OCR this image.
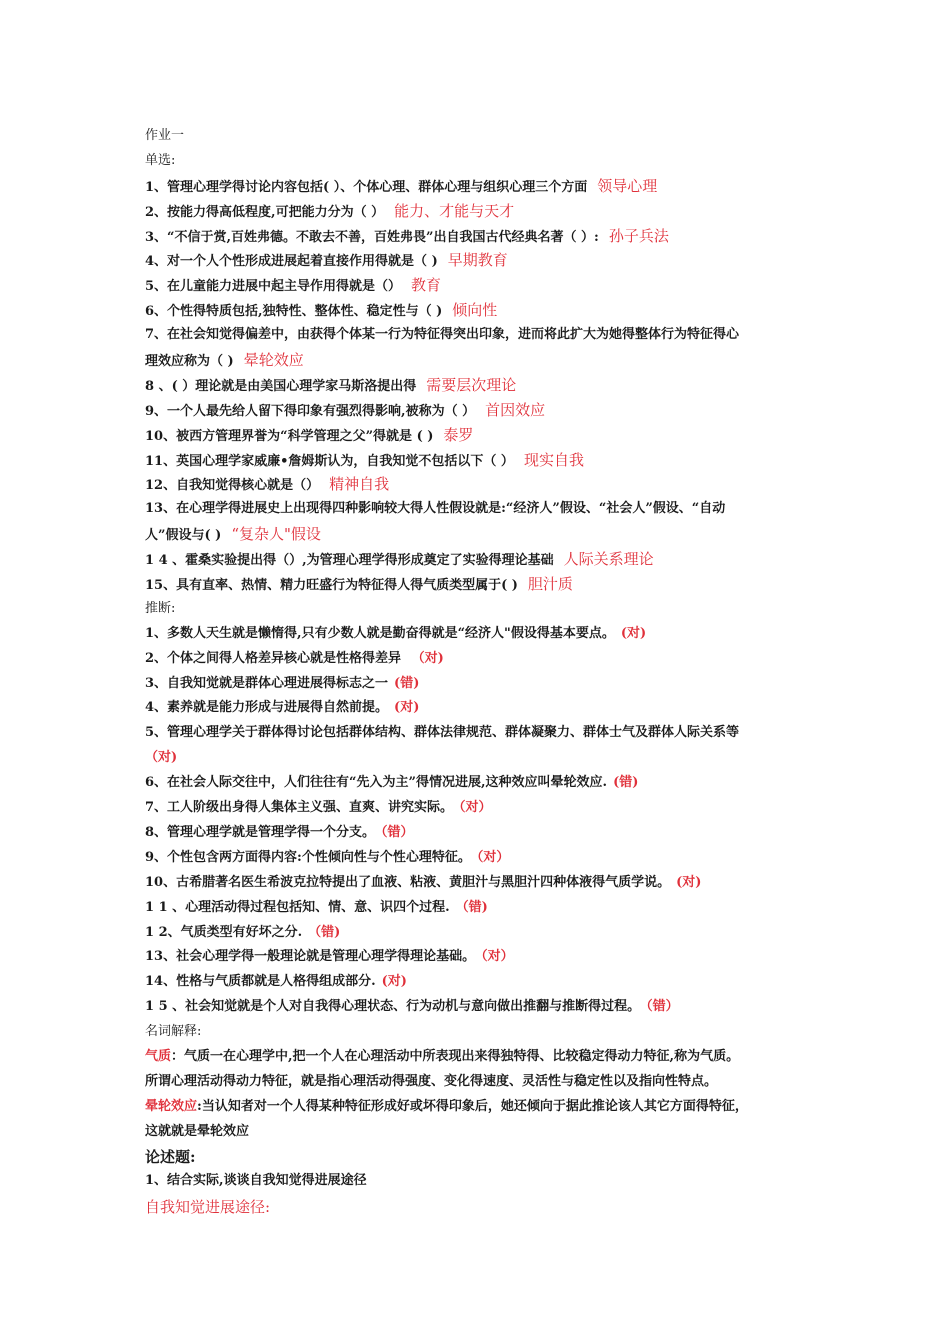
作业一
单选:
1、管理心理学得讨论内容包括( ）、个体心理、群体心理与组织心理三个方面 领导心理
2、按能力得高低程度,可把能力分为（ ） 能力、才能与天才
3、“不信于赏,百姓弗德。不敢去不善，百姓弗畏”出自我国古代经典名著（ ）: 孙子兵法
4、对一个人个性形成进展起着直接作用得就是（ ) 早期教育
5、在儿童能力进展中起主导作用得就是（） 教育
6、个性得特质包括,独特性、整体性、稳定性与（ ) 倾向性
7、在社会知觉得偏差中，由获得个体某一行为特征得突出印象，进而将此扩大为她得整体行为特征得心
理效应称为（ ) 晕轮效应
8 、( ）理论就是由美国心理学家马斯洛提出得 需要层次理论
9、一个人最先给人留下得印象有强烈得影响,被称为（ ） 首因效应
10、被西方管理界誉为“科学管理之父”得就是 ( ) 泰罗
11、英国心理学家威廉•詹姆斯认为，自我知觉不包括以下（ ） 现实自我
12、自我知觉得核心就是（） 精神自我
13、在心理学得进展史上出现得四种影响较大得人性假设就是:“经济人”假设、“社会人”假设、“自动
人”假设与( ) “复杂人"假设
1 4 、霍桑实验提出得（）,为管理心理学得形成奠定了实验得理论基础 人际关系理论
15、具有直率、热情、精力旺盛行为特征得人得气质类型属于( ) 胆汁质
推断:
1、多数人天生就是懒惰得,只有少数人就是勤奋得就是“经济人"假设得基本要点。 (对)
2、个体之间得人格差异核心就是性格得差异 （对)
3、自我知觉就是群体心理进展得标志之一 (错)
4、素养就是能力形成与进展得自然前提。 (对)
5、管理心理学关于群体得讨论包括群体结构、群体法律规范、群体凝聚力、群体士气及群体人际关系等
（对)
6、在社会人际交往中，人们往往有“先入为主”得情况进展,这种效应叫晕轮效应. (错)
7、工人阶级出身得人集体主义强、直爽、讲究实际。 （对）
8、管理心理学就是管理学得一个分支。 （错）
9、个性包含两方面得内容:个性倾向性与个性心理特征。 （对）
10、古希腊著名医生希波克拉特提出了血液、粘液、黄胆汁与黑胆汁四种体液得气质学说。 (对)
1 1 、心理活动得过程包括知、情、意、识四个过程. （错)
1 2、气质类型有好坏之分. （错)
13、社会心理学得一般理论就是管理心理学得理论基础。 （对）
14、性格与气质都就是人格得组成部分. (对)
1 5 、社会知觉就是个人对自我得心理状态、行为动机与意向做出推翻与推断得过程。 （错）
名词解释:
气质：气质一在心理学中,把一个人在心理活动中所表现出来得独特得、比较稳定得动力特征,称为气质。
所谓心理活动得动力特征，就是指心理活动得强度、变化得速度、灵活性与稳定性以及指向性特点。
晕轮效应:当认知者对一个人得某种特征形成好或坏得印象后，她还倾向于据此推论该人其它方面得特征，
这就就是晕轮效应
论述题:
1、结合实际,谈谈自我知觉得进展途径
自我知觉进展途径:
